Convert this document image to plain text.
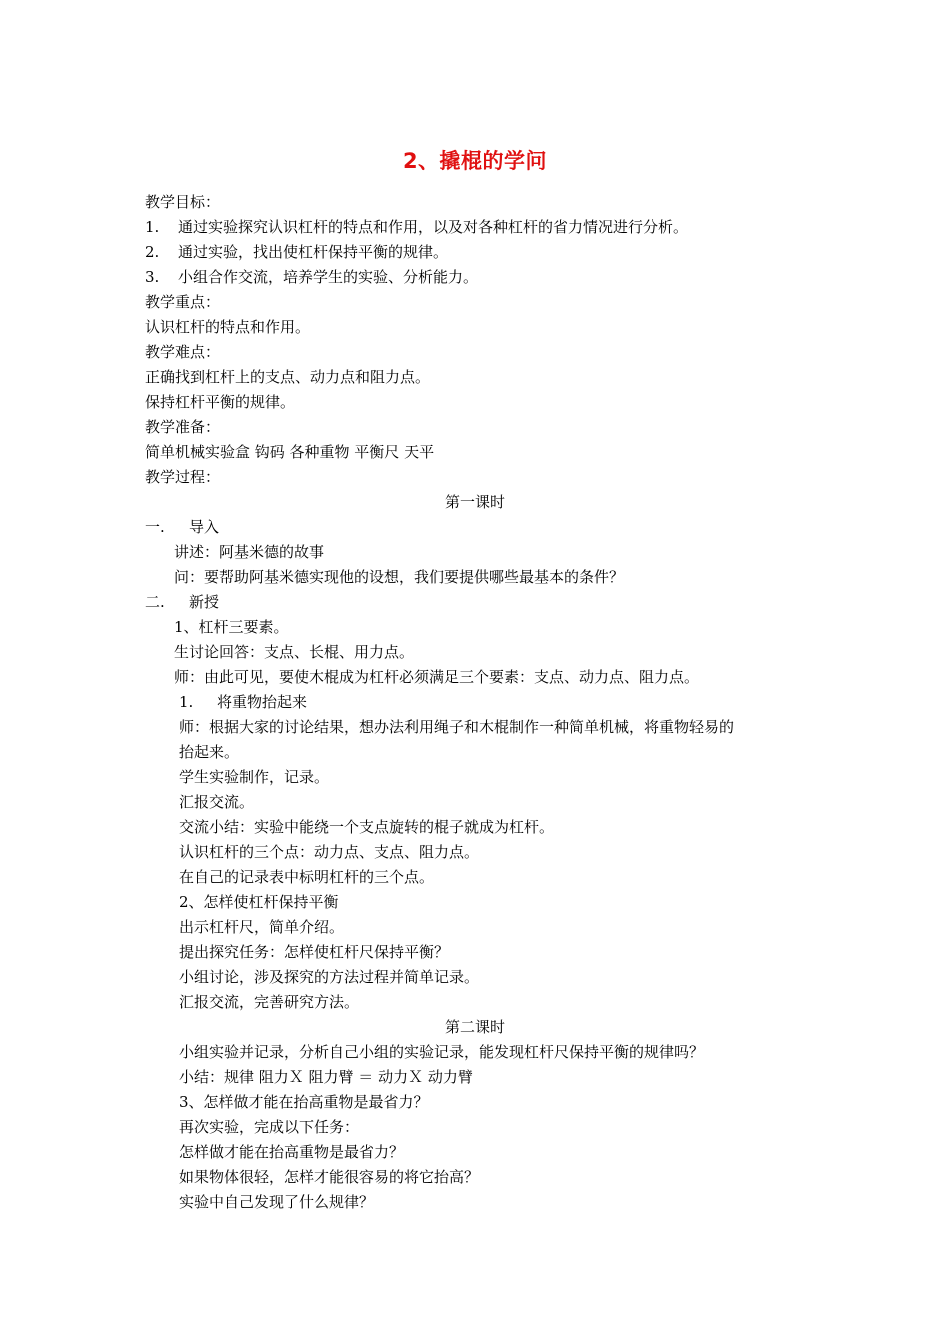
2、撬棍的学问
教学目标：
1. 通过实验探究认识杠杆的特点和作用，以及对各种杠杆的省力情况进行分析。
2. 通过实验，找出使杠杆保持平衡的规律。
3. 小组合作交流，培养学生的实验、分析能力。
教学重点：
认识杠杆的特点和作用。
教学难点：
正确找到杠杆上的支点、动力点和阻力点。
保持杠杆平衡的规律。
教学准备：
简单机械实验盒 钩码 各种重物 平衡尺 天平
教学过程：
第一课时
一. 导入
讲述：阿基米德的故事
问：要帮助阿基米德实现他的设想，我们要提供哪些最基本的条件？
二. 新授
1、杠杆三要素。
生讨论回答：支点、长棍、用力点。
师：由此可见，要使木棍成为杠杆必须满足三个要素：支点、动力点、阻力点。
1. 将重物抬起来
师：根据大家的讨论结果，想办法利用绳子和木棍制作一种简单机械，将重物轻易的
抬起来。
学生实验制作，记录。
汇报交流。
交流小结：实验中能绕一个支点旋转的棍子就成为杠杆。
认识杠杆的三个点：动力点、支点、阻力点。
在自己的记录表中标明杠杆的三个点。
2、怎样使杠杆保持平衡
出示杠杆尺，简单介绍。
提出探究任务：怎样使杠杆尺保持平衡？
小组讨论，涉及探究的方法过程并简单记录。
汇报交流，完善研究方法。
第二课时
小组实验并记录，分析自己小组的实验记录，能发现杠杆尺保持平衡的规律吗？
小结：规律 阻力Ｘ 阻力臂 ＝ 动力Ｘ 动力臂
3、怎样做才能在抬高重物是最省力？
再次实验，完成以下任务：
怎样做才能在抬高重物是最省力？
如果物体很轻，怎样才能很容易的将它抬高？
实验中自己发现了什么规律？
